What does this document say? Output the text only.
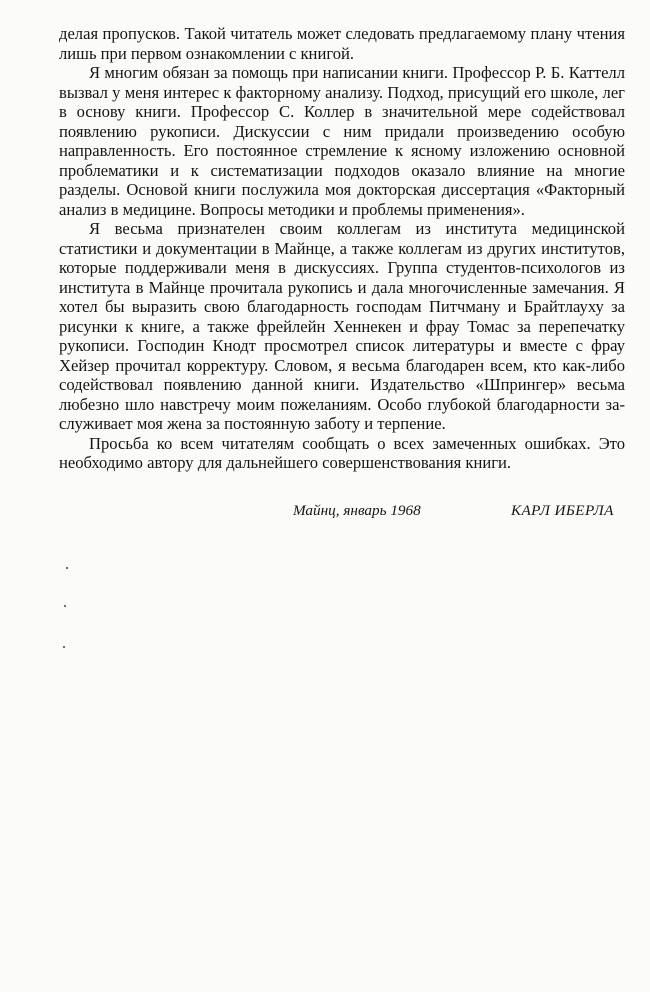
делая пропусков. Такой читатель может следовать предлагаемому плану чтения лишь при первом ознакомлении с книгой.

Я многим обязан за помощь при написании книги. Профессор Р. Б. Каттелл вызвал у меня интерес к факторному анализу. Подход, присущий его школе, лег в основу книги. Профессор С. Коллер в значительной мере содействовал появлению рукописи. Дискуссии с ним придали произведению особую направленность. Его постоянное стремление к ясному изложению основной проблематики и к систематизации подходов оказало влияние на многие разделы. Основой книги послужила моя докторская диссертация «Факторный анализ в медицине. Вопросы методики и проблемы применения».

Я весьма признателен своим коллегам из института медицинской статистики и документации в Майнце, а также коллегам из других институтов, которые поддерживали меня в дискуссиях. Группа студентов-психологов из института в Майнце прочитала рукопись и дала многочисленные замечания. Я хотел бы выразить свою благодарность господам Питчману и Брайтлауху за рисунки к книге, а также фрейлейн Хеннекен и фрау Томас за перепечатку рукописи. Господин Кнодт просмотрел список литературы и вместе с фрау Хейзер прочитал корректуру. Словом, я весьма благодарен всем, кто как-либо содействовал появлению данной книги. Издательство «Шпрингер» весьма любезно шло навстречу моим пожеланиям. Особо глубокой благодарности заслуживает моя жена за постоянную заботу и терпение.

Просьба ко всем читателям сообщать о всех замеченных ошибках. Это необходимо автору для дальнейшего совершенствования книги.

Майнц, январь 1968	КАРЛ ИБЕРЛА
